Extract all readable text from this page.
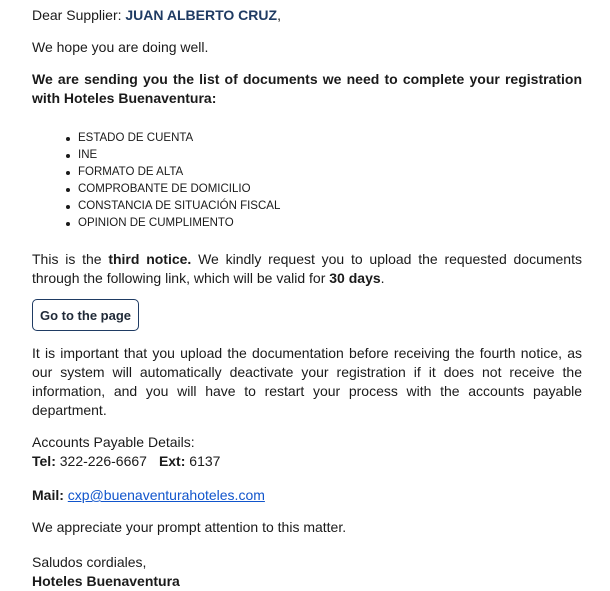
Dear Supplier: JUAN ALBERTO CRUZ,

We hope you are doing well.

We are sending you the list of documents we need to complete your registration with Hoteles Buenaventura:

ESTADO DE CUENTA
INE
FORMATO DE ALTA
COMPROBANTE DE DOMICILIO
CONSTANCIA DE SITUACIÓN FISCAL
OPINION DE CUMPLIMENTO

This is the third notice. We kindly request you to upload the requested documents through the following link, which will be valid for 30 days.

Go to the page

It is important that you upload the documentation before receiving the fourth notice, as our system will automatically deactivate your registration if it does not receive the information, and you will have to restart your process with the accounts payable department.

Accounts Payable Details:

Tel: 322-226-6667 Ext: 6137

Mail: cxp@buenaventurahoteles.com

We appreciate your prompt attention to this matter.

Saludos cordiales,

Hoteles Buenaventura
